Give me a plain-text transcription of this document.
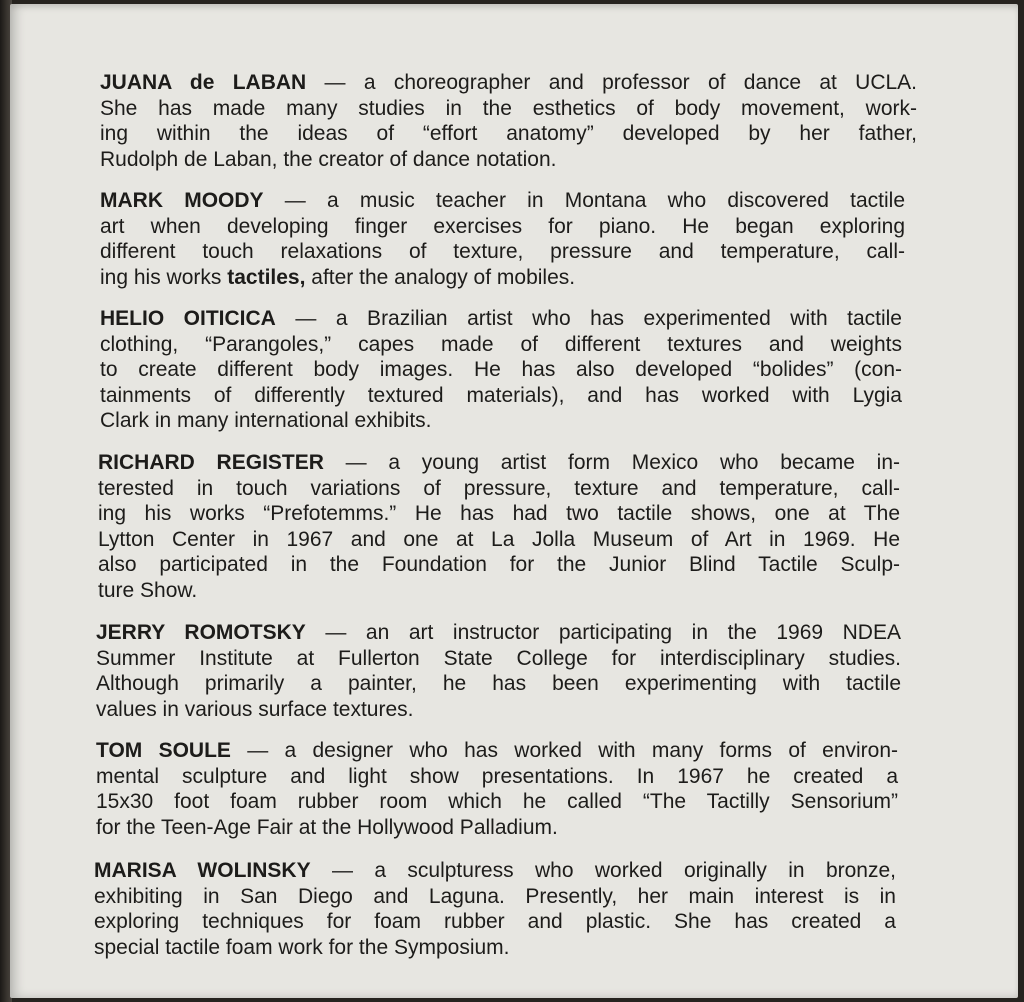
JUANA de LABAN — a choreographer and professor of dance at UCLA.
She has made many studies in the esthetics of body movement, work-
ing within the ideas of “effort anatomy” developed by her father,
Rudolph de Laban, the creator of dance notation.

MARK MOODY — a music teacher in Montana who discovered tactile
art when developing finger exercises for piano. He began exploring
different touch relaxations of texture, pressure and temperature, call-
ing his works tactiles, after the analogy of mobiles.

HELIO OITICICA — a Brazilian artist who has experimented with tactile
clothing, “Parangoles,” capes made of different textures and weights
to create different body images. He has also developed “bolides” (con-
tainments of differently textured materials), and has worked with Lygia
Clark in many international exhibits.

RICHARD REGISTER — a young artist form Mexico who became in-
terested in touch variations of pressure, texture and temperature, call-
ing his works “Prefotemms.” He has had two tactile shows, one at The
Lytton Center in 1967 and one at La Jolla Museum of Art in 1969. He
also participated in the Foundation for the Junior Blind Tactile Sculp-
ture Show.

JERRY ROMOTSKY — an art instructor participating in the 1969 NDEA
Summer Institute at Fullerton State College for interdisciplinary studies.
Although primarily a painter, he has been experimenting with tactile
values in various surface textures.

TOM SOULE — a designer who has worked with many forms of environ-
mental sculpture and light show presentations. In 1967 he created a
15x30 foot foam rubber room which he called “The Tactilly Sensorium”
for the Teen-Age Fair at the Hollywood Palladium.

MARISA WOLINSKY — a sculpturess who worked originally in bronze,
exhibiting in San Diego and Laguna. Presently, her main interest is in
exploring techniques for foam rubber and plastic. She has created a
special tactile foam work for the Symposium.
